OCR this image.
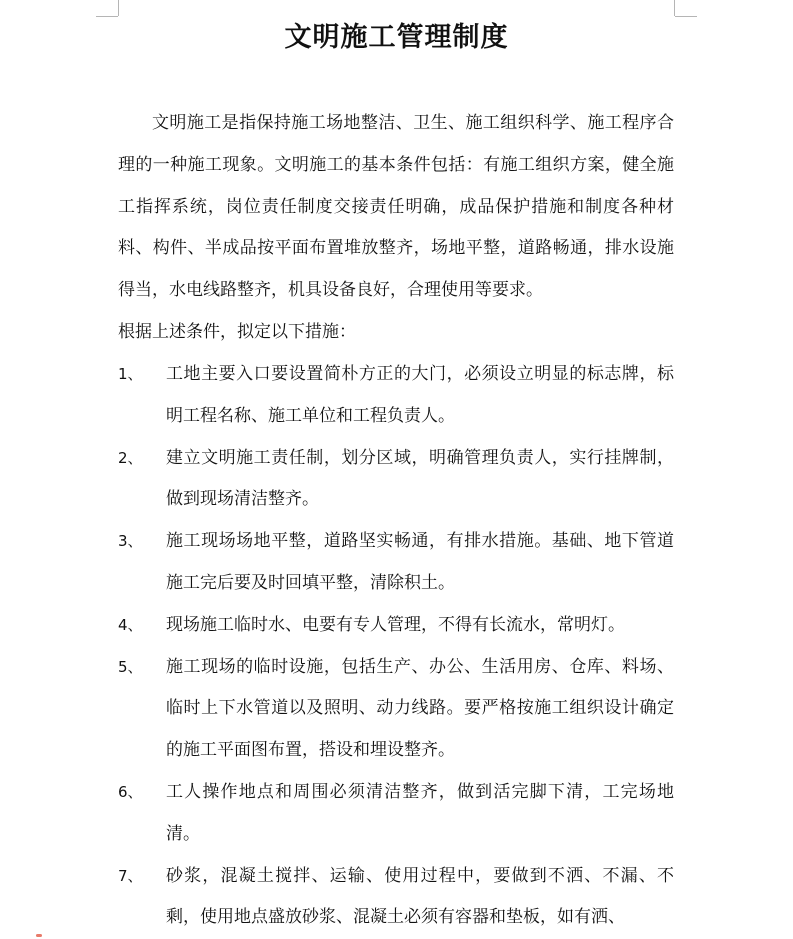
文明施工管理制度
文明施工是指保持施工场地整洁、卫生、施工组织科学、施工程序合理的一种施工现象。文明施工的基本条件包括：有施工组织方案，健全施工指挥系统，岗位责任制度交接责任明确，成品保护措施和制度各种材料、构件、半成品按平面布置堆放整齐，场地平整，道路畅通，排水设施得当，水电线路整齐，机具设备良好，合理使用等要求。
根据上述条件，拟定以下措施：
1、	工地主要入口要设置简朴方正的大门，必须设立明显的标志牌，标明工程名称、施工单位和工程负责人。
2、	建立文明施工责任制，划分区域，明确管理负责人，实行挂牌制，做到现场清洁整齐。
3、	施工现场场地平整，道路坚实畅通，有排水措施。基础、地下管道施工完后要及时回填平整，清除积土。
4、	现场施工临时水、电要有专人管理，不得有长流水，常明灯。
5、	施工现场的临时设施，包括生产、办公、生活用房、仓库、料场、临时上下水管道以及照明、动力线路。要严格按施工组织设计确定的施工平面图布置，搭设和埋设整齐。
6、	工人操作地点和周围必须清洁整齐，做到活完脚下清，工完场地清。
7、	砂浆，混凝土搅拌、运输、使用过程中，要做到不洒、不漏、不剩，使用地点盛放砂浆、混凝土必须有容器和垫板，如有洒、
